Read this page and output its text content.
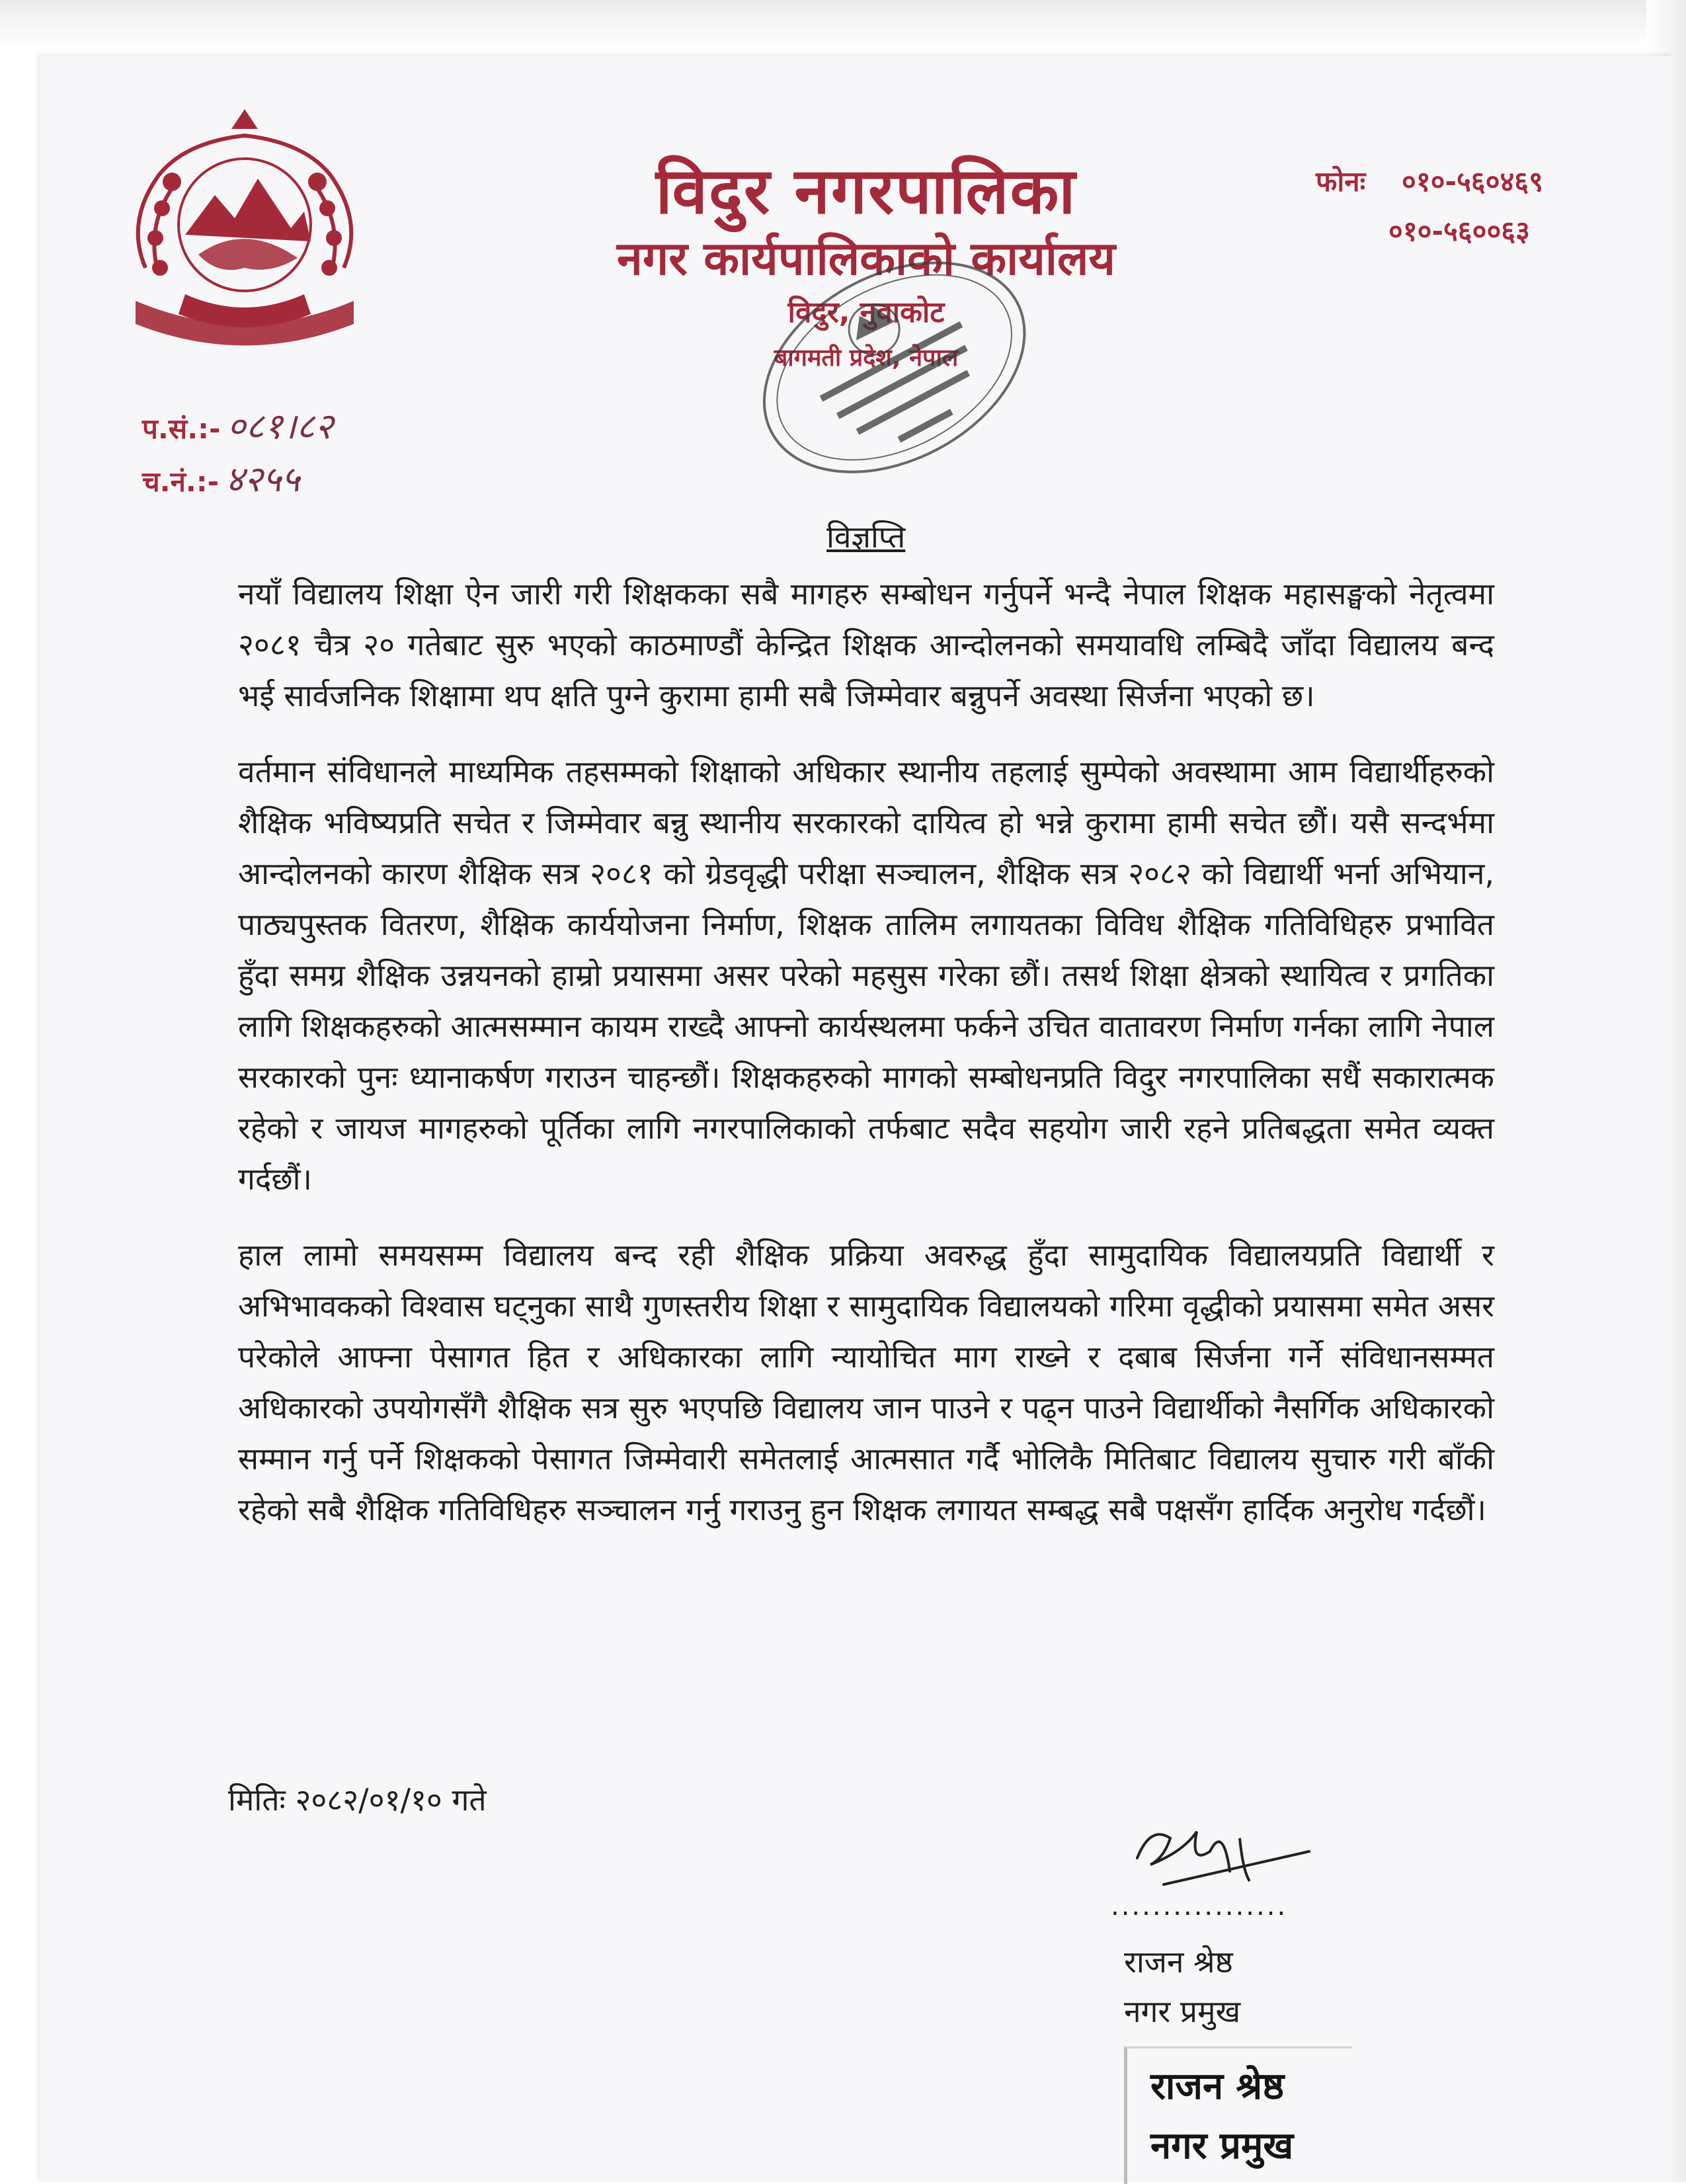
विदुर नगरपालिका
नगर कार्यपालिकाको कार्यालय
विदुर, नुवाकोट
बागमती प्रदेश, नेपाल
फोनः ०१०-५६०४६९
०१०-५६००६३
प.सं.:- ०८१।८२
च.नं.:- ४२५५
विज्ञप्ति

नयाँ विद्यालय शिक्षा ऐन जारी गरी शिक्षकका सबै मागहरु सम्बोधन गर्नुपर्ने भन्दै नेपाल शिक्षक महासङ्घको नेतृत्वमा २०८१ चैत्र २० गतेबाट सुरु भएको काठमाण्डौं केन्द्रित शिक्षक आन्दोलनको समयावधि लम्बिदै जाँदा विद्यालय बन्द भई सार्वजनिक शिक्षामा थप क्षति पुग्ने कुरामा हामी सबै जिम्मेवार बन्नुपर्ने अवस्था सिर्जना भएको छ।

वर्तमान संविधानले माध्यमिक तहसम्मको शिक्षाको अधिकार स्थानीय तहलाई सुम्पेको अवस्थामा आम विद्यार्थीहरुको शैक्षिक भविष्यप्रति सचेत र जिम्मेवार बन्नु स्थानीय सरकारको दायित्व हो भन्ने कुरामा हामी सचेत छौं। यसै सन्दर्भमा आन्दोलनको कारण शैक्षिक सत्र २०८१ को ग्रेडवृद्धी परीक्षा सञ्चालन, शैक्षिक सत्र २०८२ को विद्यार्थी भर्ना अभियान, पाठ्यपुस्तक वितरण, शैक्षिक कार्ययोजना निर्माण, शिक्षक तालिम लगायतका विविध शैक्षिक गतिविधिहरु प्रभावित हुँदा समग्र शैक्षिक उन्नयनको हाम्रो प्रयासमा असर परेको महसुस गरेका छौं। तसर्थ शिक्षा क्षेत्रको स्थायित्व र प्रगतिका लागि शिक्षकहरुको आत्मसम्मान कायम राख्दै आफ्नो कार्यस्थलमा फर्कने उचित वातावरण निर्माण गर्नका लागि नेपाल सरकारको पुनः ध्यानाकर्षण गराउन चाहन्छौं। शिक्षकहरुको मागको सम्बोधनप्रति विदुर नगरपालिका सधैं सकारात्मक रहेको र जायज मागहरुको पूर्तिका लागि नगरपालिकाको तर्फबाट सदैव सहयोग जारी रहने प्रतिबद्धता समेत व्यक्त गर्दछौं।

हाल लामो समयसम्म विद्यालय बन्द रही शैक्षिक प्रक्रिया अवरुद्ध हुँदा सामुदायिक विद्यालयप्रति विद्यार्थी र अभिभावकको विश्वास घट्नुका साथै गुणस्तरीय शिक्षा र सामुदायिक विद्यालयको गरिमा वृद्धीको प्रयासमा समेत असर परेकोले आफ्ना पेसागत हित र अधिकारका लागि न्यायोचित माग राख्ने र दबाब सिर्जना गर्ने संविधानसम्मत अधिकारको उपयोगसँगै शैक्षिक सत्र सुरु भएपछि विद्यालय जान पाउने र पढ्न पाउने विद्यार्थीको नैसर्गिक अधिकारको सम्मान गर्नु पर्ने शिक्षकको पेसागत जिम्मेवारी समेतलाई आत्मसात गर्दै भोलिकै मितिबाट विद्यालय सुचारु गरी बाँकी रहेको सबै शैक्षिक गतिविधिहरु सञ्चालन गर्नु गराउनु हुन शिक्षक लगायत सम्बद्ध सबै पक्षसँग हार्दिक अनुरोध गर्दछौं।

मितिः २०८२/०१/१० गते
.................
राजन श्रेष्ठ
नगर प्रमुख
राजन श्रेष्ठ
नगर प्रमुख
